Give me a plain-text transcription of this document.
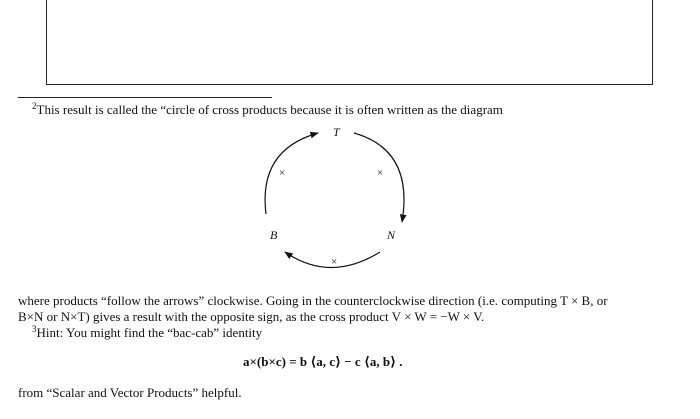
$^2$This result is called the “circle of cross products because it is often written as the diagram
T
N
B
×	×
×
where products “follow the arrows” clockwise. Going in the counterclockwise direction (i.e. computing T × B, or
B×N or N×T) gives a result with the opposite sign, as the cross product V × W = −W × V.
$^3$Hint: You might find the “bac-cab” identity
a×(b×c) = b ⟨a, c⟩ − c ⟨a, b⟩ .
from “Scalar and Vector Products” helpful.
